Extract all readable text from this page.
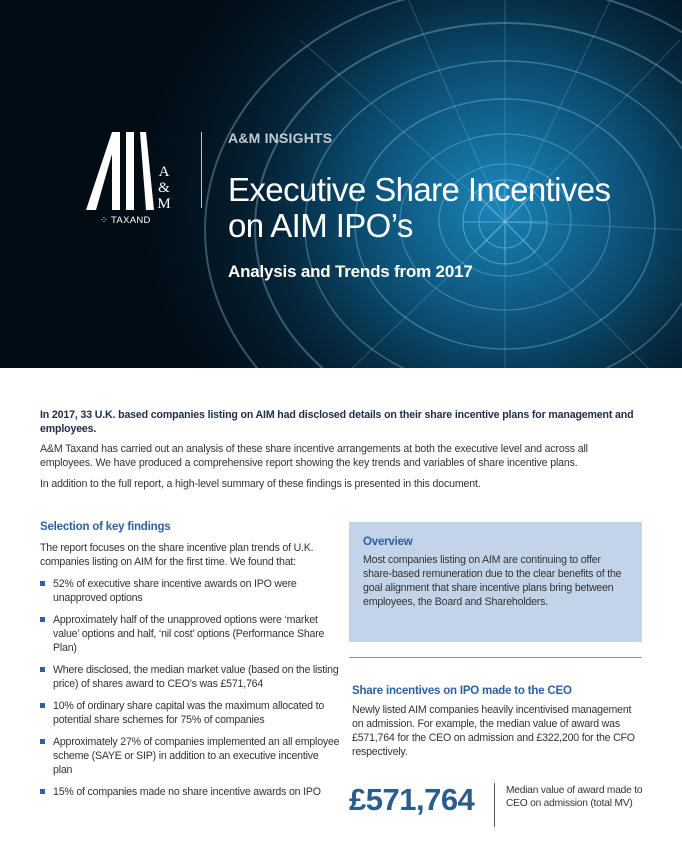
A
&
M
⁘ TAXAND
A&M INSIGHTS
Executive Share Incentives
on AIM IPO’s
Analysis and Trends from 2017

In 2017, 33 U.K. based companies listing on AIM had disclosed details on their share incentive plans for management and employees.

A&M Taxand has carried out an analysis of these share incentive arrangements at both the executive level and across all employees. We have produced a comprehensive report showing the key trends and variables of share incentive plans.

In addition to the full report, a high-level summary of these findings is presented in this document.

Selection of key findings

The report focuses on the share incentive plan trends of U.K. companies listing on AIM for the first time. We found that:

52% of executive share incentive awards on IPO were unapproved options
Approximately half of the unapproved options were ‘market value’ options and half, ‘nil cost’ options (Performance Share Plan)
Where disclosed, the median market value (based on the listing price) of shares award to CEO’s was £571,764
10% of ordinary share capital was the maximum allocated to potential share schemes for 75% of companies
Approximately 27% of companies implemented an all employee scheme (SAYE or SIP) in addition to an executive incentive plan
15% of companies made no share incentive awards on IPO
Overview

Most companies listing on AIM are continuing to offer share-based remuneration due to the clear benefits of the goal alignment that share incentive plans bring between employees, the Board and Shareholders.

Share incentives on IPO made to the CEO

Newly listed AIM companies heavily incentivised management on admission. For example, the median value of award was £571,764 for the CEO on admission and £322,200 for the CFO respectively.

£571,764	Median value of award made to CEO on admission (total MV)
